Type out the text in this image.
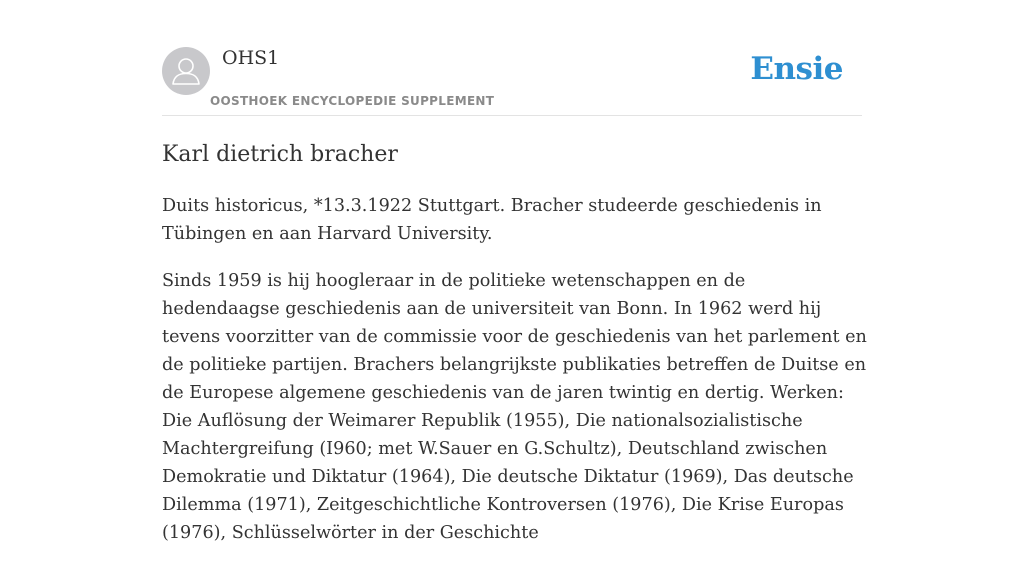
OHS1
OOSTHOEK ENCYCLOPEDIE SUPPLEMENT
Ensie
Karl dietrich bracher

Duits historicus, *13.3.1922 Stuttgart. Bracher studeerde geschiedenis in Tübingen en aan Harvard University.

Sinds 1959 is hij hoogleraar in de politieke wetenschappen en de hedendaagse geschiedenis aan de universiteit van Bonn. In 1962 werd hij tevens voorzitter van de commissie voor de geschiedenis van het parlement en de politieke partijen. Brachers belangrijkste publikaties betreffen de Duitse en de Europese algemene geschiedenis van de jaren twintig en dertig. Werken: Die Auflösung der Weimarer Republik (1955), Die nationalsozialistische Machtergreifung (I960; met W.Sauer en G.Schultz), Deutschland zwischen Demokratie und Diktatur (1964), Die deutsche Diktatur (1969), Das deutsche Dilemma (1971), Zeitgeschichtliche Kontroversen (1976), Die Krise Europas (1976), Schlüsselwörter in der Geschichte
